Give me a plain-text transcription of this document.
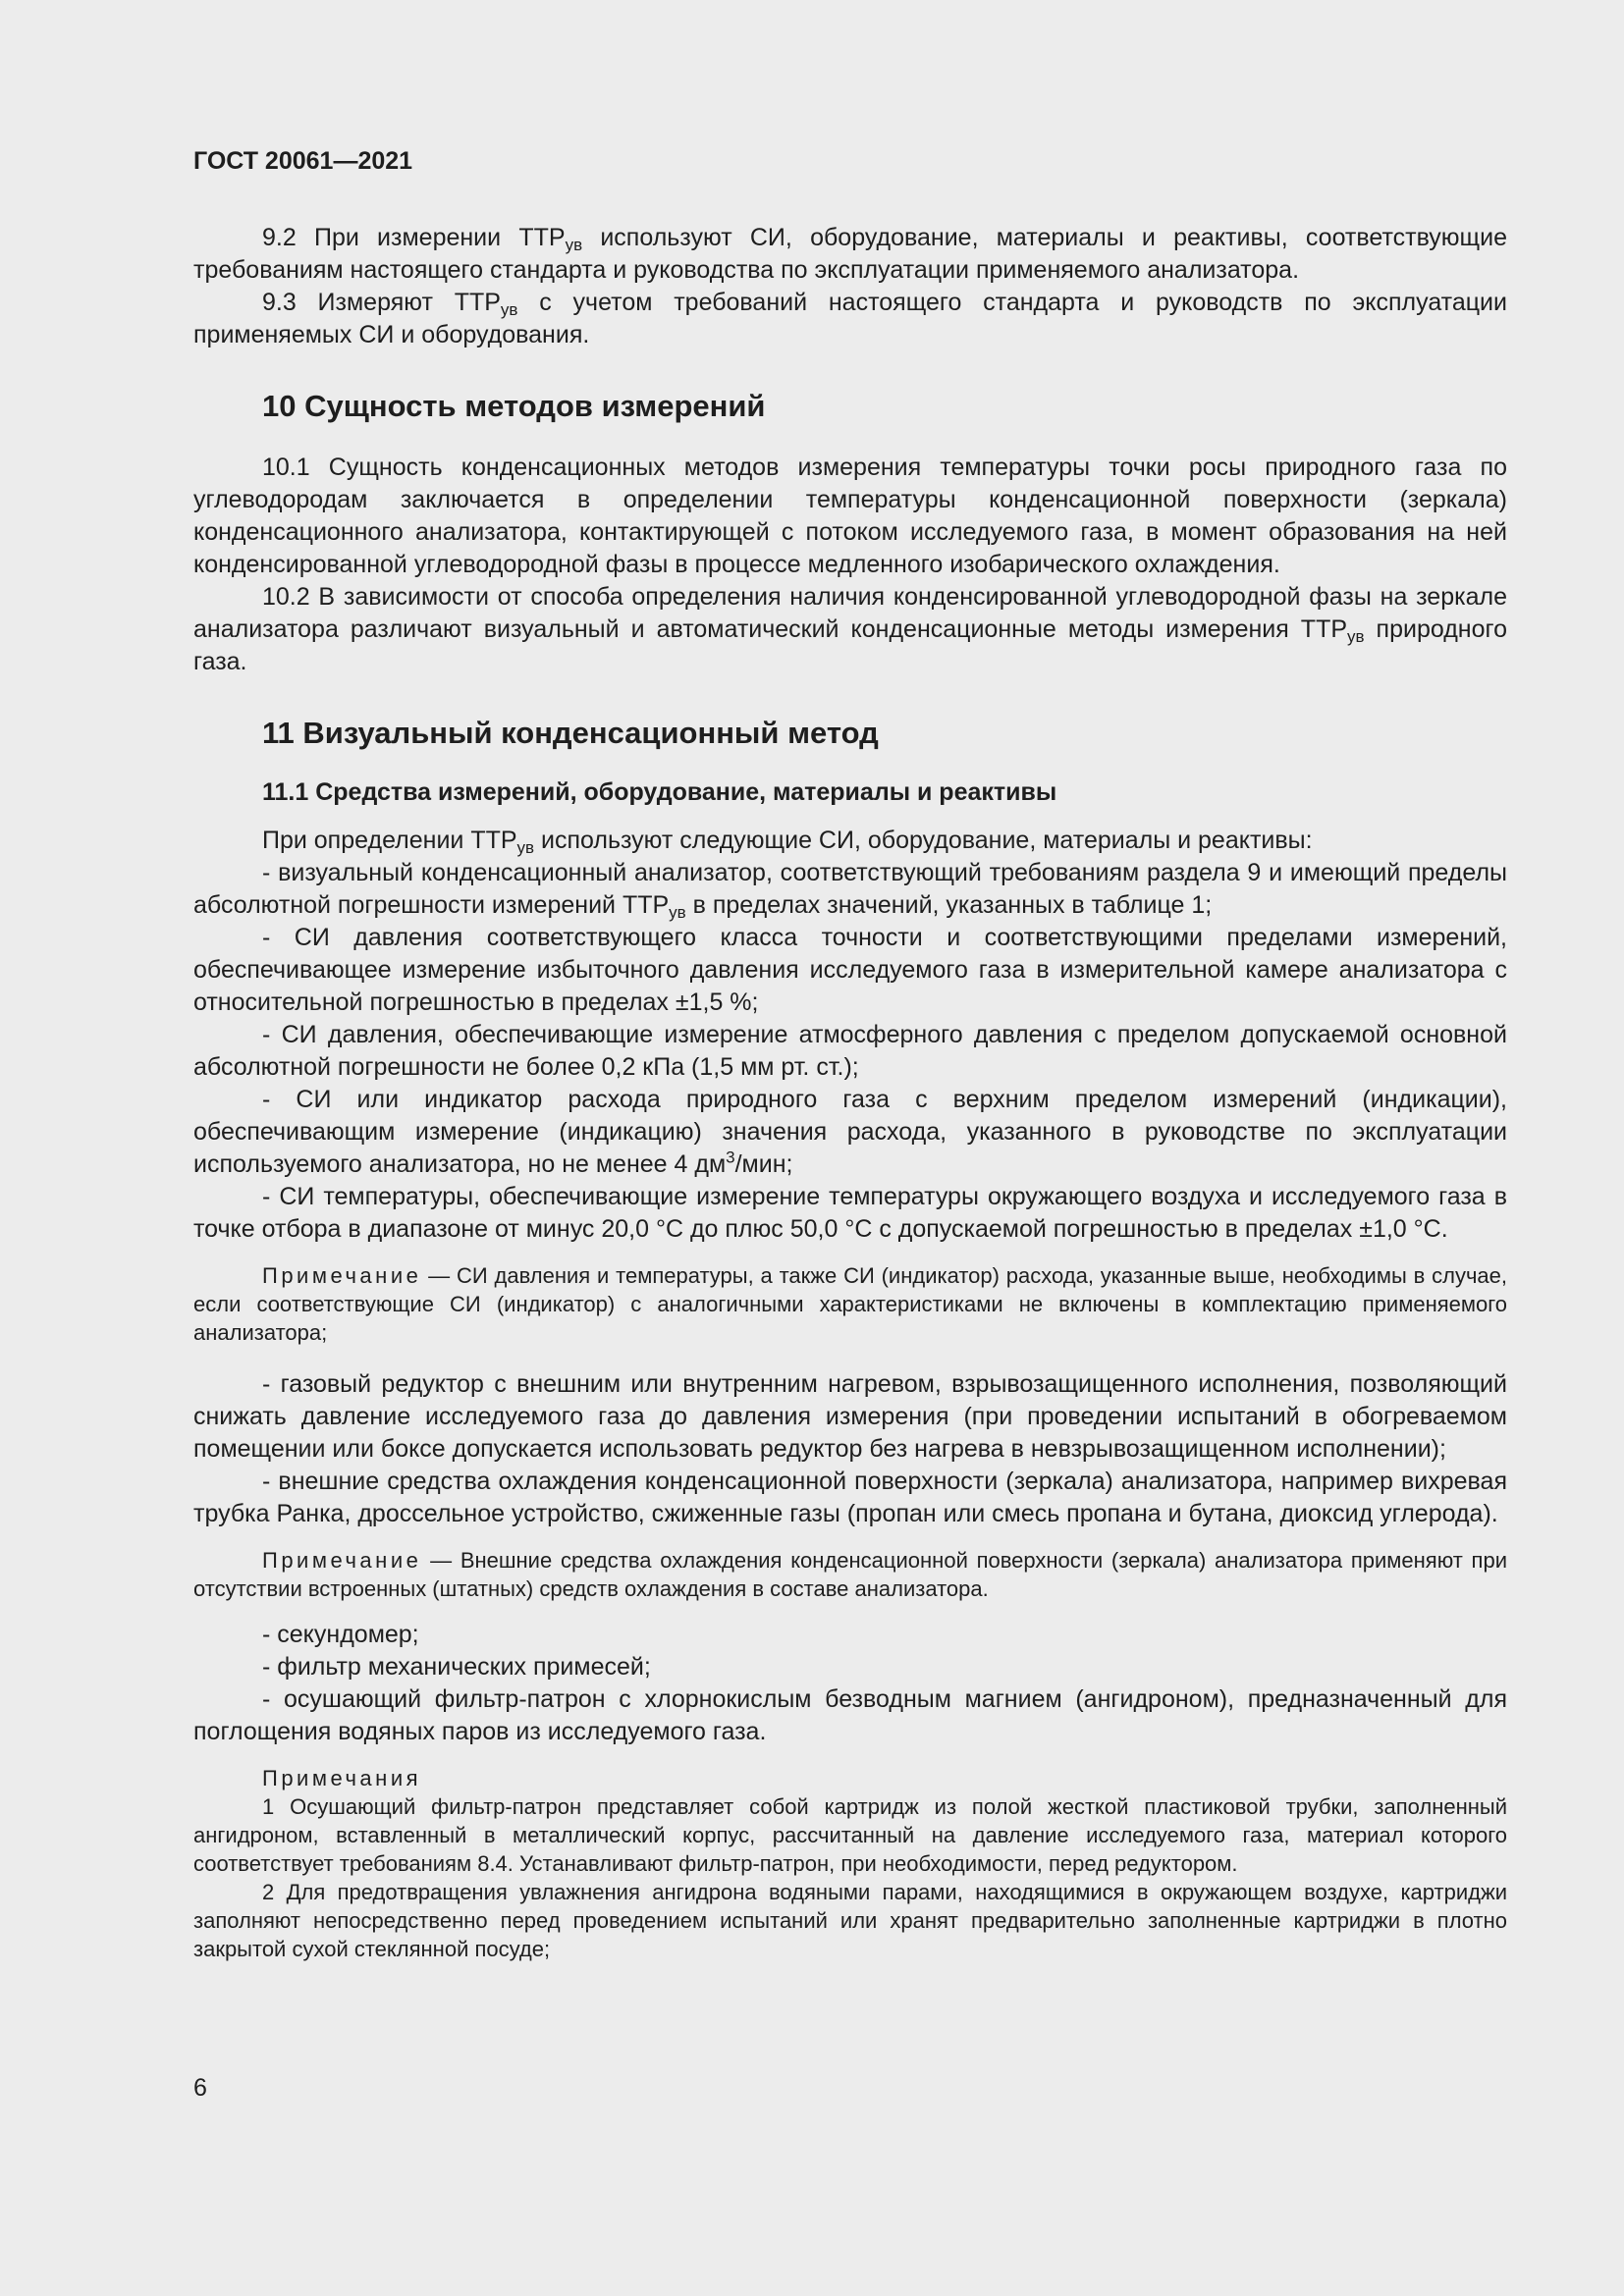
ГОСТ 20061—2021

9.2 При измерении $ТТР_{ув}$ используют СИ, оборудование, материалы и реактивы, соответствующие требованиям настоящего стандарта и руководства по эксплуатации применяемого анализатора.

9.3 Измеряют $ТТР_{ув}$ с учетом требований настоящего стандарта и руководств по эксплуатации применяемых СИ и оборудования.

10 Сущность методов измерений

10.1 Сущность конденсационных методов измерения температуры точки росы природного газа по углеводородам заключается в определении температуры конденсационной поверхности (зеркала) конденсационного анализатора, контактирующей с потоком исследуемого газа, в момент образования на ней конденсированной углеводородной фазы в процессе медленного изобарического охлаждения.

10.2 В зависимости от способа определения наличия конденсированной углеводородной фазы на зеркале анализатора различают визуальный и автоматический конденсационные методы измерения $ТТР_{ув}$ природного газа.

11 Визуальный конденсационный метод
11.1 Средства измерений, оборудование, материалы и реактивы

При определении $ТТР_{ув}$ используют следующие СИ, оборудование, материалы и реактивы:

- визуальный конденсационный анализатор, соответствующий требованиям раздела 9 и имеющий пределы абсолютной погрешности измерений $ТТР_{ув}$ в пределах значений, указанных в таблице 1;

- СИ давления соответствующего класса точности и соответствующими пределами измерений, обеспечивающее измерение избыточного давления исследуемого газа в измерительной камере анализатора с относительной погрешностью в пределах ±1,5 %;

- СИ давления, обеспечивающие измерение атмосферного давления с пределом допускаемой основной абсолютной погрешности не более 0,2 кПа (1,5 мм рт. ст.);

- СИ или индикатор расхода природного газа с верхним пределом измерений (индикации), обеспечивающим измерение (индикацию) значения расхода, указанного в руководстве по эксплуатации используемого анализатора, но не менее 4 $дм^3$/мин;

- СИ температуры, обеспечивающие измерение температуры окружающего воздуха и исследуемого газа в точке отбора в диапазоне от минус 20,0 °С до плюс 50,0 °С с допускаемой погрешностью в пределах ±1,0 °С.

Примечание — СИ давления и температуры, а также СИ (индикатор) расхода, указанные выше, необходимы в случае, если соответствующие СИ (индикатор) с аналогичными характеристиками не включены в комплектацию применяемого анализатора;

- газовый редуктор с внешним или внутренним нагревом, взрывозащищенного исполнения, позволяющий снижать давление исследуемого газа до давления измерения (при проведении испытаний в обогреваемом помещении или боксе допускается использовать редуктор без нагрева в невзрывозащищенном исполнении);

- внешние средства охлаждения конденсационной поверхности (зеркала) анализатора, например вихревая трубка Ранка, дроссельное устройство, сжиженные газы (пропан или смесь пропана и бутана, диоксид углерода).

Примечание — Внешние средства охлаждения конденсационной поверхности (зеркала) анализатора применяют при отсутствии встроенных (штатных) средств охлаждения в составе анализатора.

- секундомер;

- фильтр механических примесей;

- осушающий фильтр-патрон с хлорнокислым безводным магнием (ангидроном), предназначенный для поглощения водяных паров из исследуемого газа.

Примечания

1 Осушающий фильтр-патрон представляет собой картридж из полой жесткой пластиковой трубки, заполненный ангидроном, вставленный в металлический корпус, рассчитанный на давление исследуемого газа, материал которого соответствует требованиям 8.4. Устанавливают фильтр-патрон, при необходимости, перед редуктором.

2 Для предотвращения увлажнения ангидрона водяными парами, находящимися в окружающем воздухе, картриджи заполняют непосредственно перед проведением испытаний или хранят предварительно заполненные картриджи в плотно закрытой сухой стеклянной посуде;

6
